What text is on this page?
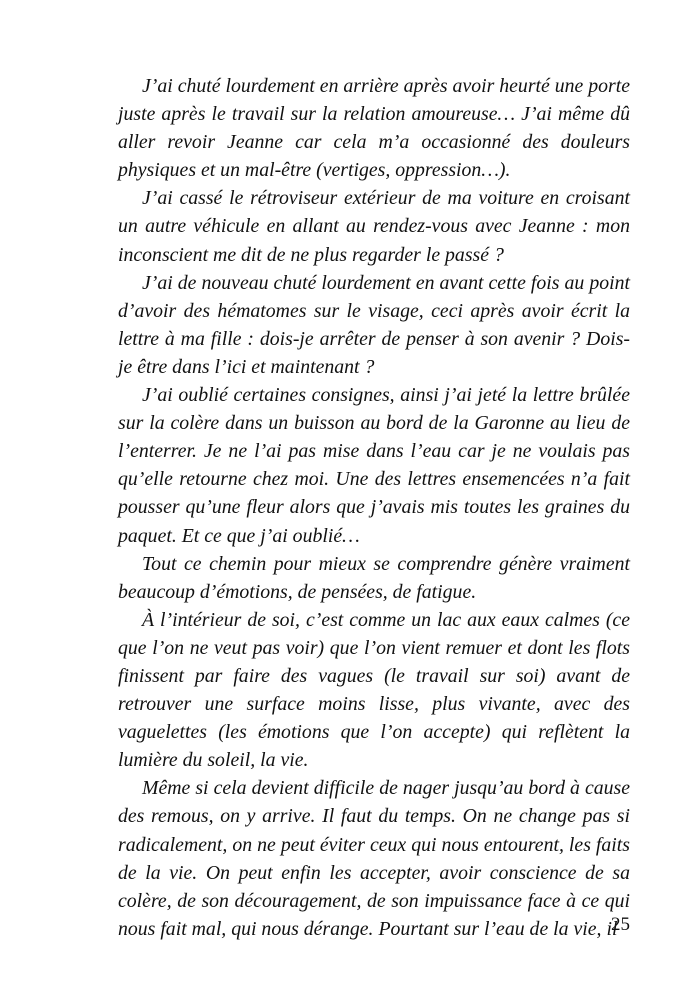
J’ai chuté lourdement en arrière après avoir heurté une porte juste après le travail sur la relation amoureuse… J’ai même dû aller revoir Jeanne car cela m’a occasionné des douleurs physiques et un mal-être (vertiges, oppression…).

J’ai cassé le rétroviseur extérieur de ma voiture en croisant un autre véhicule en allant au rendez-vous avec Jeanne : mon inconscient me dit de ne plus regarder le passé ?

J’ai de nouveau chuté lourdement en avant cette fois au point d’avoir des hématomes sur le visage, ceci après avoir écrit la lettre à ma fille : dois-je arrêter de penser à son avenir ? Dois-je être dans l’ici et maintenant ?

J’ai oublié certaines consignes, ainsi j’ai jeté la lettre brûlée sur la colère dans un buisson au bord de la Garonne au lieu de l’enterrer. Je ne l’ai pas mise dans l’eau car je ne voulais pas qu’elle retourne chez moi. Une des lettres ensemencées n’a fait pousser qu’une fleur alors que j’avais mis toutes les graines du paquet. Et ce que j’ai oublié…

Tout ce chemin pour mieux se comprendre génère vraiment beaucoup d’émotions, de pensées, de fatigue.

À l’intérieur de soi, c’est comme un lac aux eaux calmes (ce que l’on ne veut pas voir) que l’on vient remuer et dont les flots finissent par faire des vagues (le travail sur soi) avant de retrouver une surface moins lisse, plus vivante, avec des vaguelettes (les émotions que l’on accepte) qui reflètent la lumière du soleil, la vie.

Même si cela devient difficile de nager jusqu’au bord à cause des remous, on y arrive. Il faut du temps. On ne change pas si radicalement, on ne peut éviter ceux qui nous entourent, les faits de la vie. On peut enfin les accepter, avoir conscience de sa colère, de son découragement, de son impuissance face à ce qui nous fait mal, qui nous dérange. Pourtant sur l’eau de la vie, il

25
